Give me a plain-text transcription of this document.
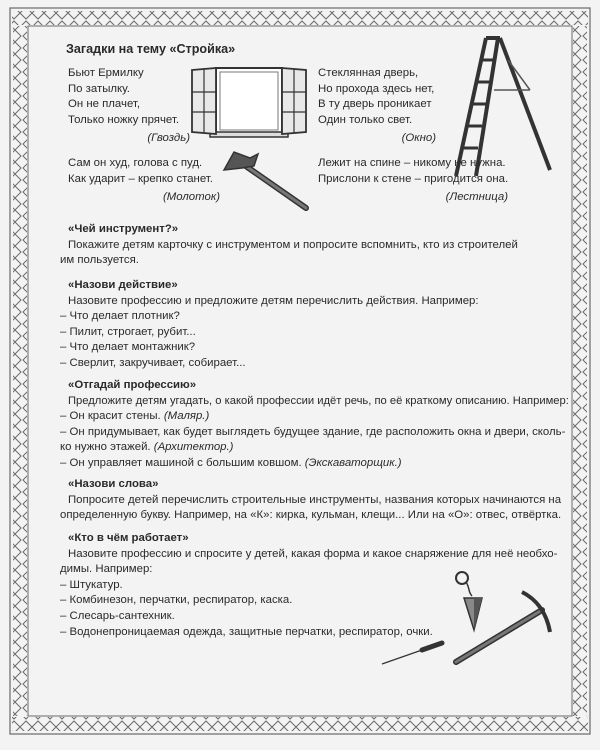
Загадки на тему «Стройка»
Бьют Ермилку
По затылку.
Он не плачет,
Только ножку прячет.
(Гвоздь)
Стеклянная дверь,
Но прохода здесь нет,
В ту дверь проникает
Один только свет.
(Окно)
Сам он худ, голова с пуд.
Как ударит – крепко станет.
(Молоток)
Лежит на спине – никому не нужна.
Прислони к стене – пригодится она.
(Лестница)
«Чей инструмент?»
Покажите детям карточку с инструментом и попросите вспомнить, кто из строителей
им пользуется.
«Назови действие»
Назовите профессию и предложите детям перечислить действия. Например:
– Что делает плотник?
– Пилит, строгает, рубит...
– Что делает монтажник?
– Сверлит, закручивает, собирает...
«Отгадай профессию»
Предложите детям угадать, о какой профессии идёт речь, по её краткому описанию. Например:
– Он красит стены. (Маляр.)
– Он придумывает, как будет выглядеть будущее здание, где расположить окна и двери, сколь-
ко нужно этажей. (Архитектор.)
– Он управляет машиной с большим ковшом. (Экскаваторщик.)
«Назови слова»
Попросите детей перечислить строительные инструменты, названия которых начинаются на
определенную букву. Например, на «К»: кирка, кульман, клещи... Или на «О»: отвес, отвёртка.
«Кто в чём работает»
Назовите профессию и спросите у детей, какая форма и какое снаряжение для неё необхо-
димы. Например:
– Штукатур.
– Комбинезон, перчатки, респиратор, каска.
– Слесарь-сантехник.
– Водонепроницаемая одежда, защитные перчатки, респиратор, очки.
